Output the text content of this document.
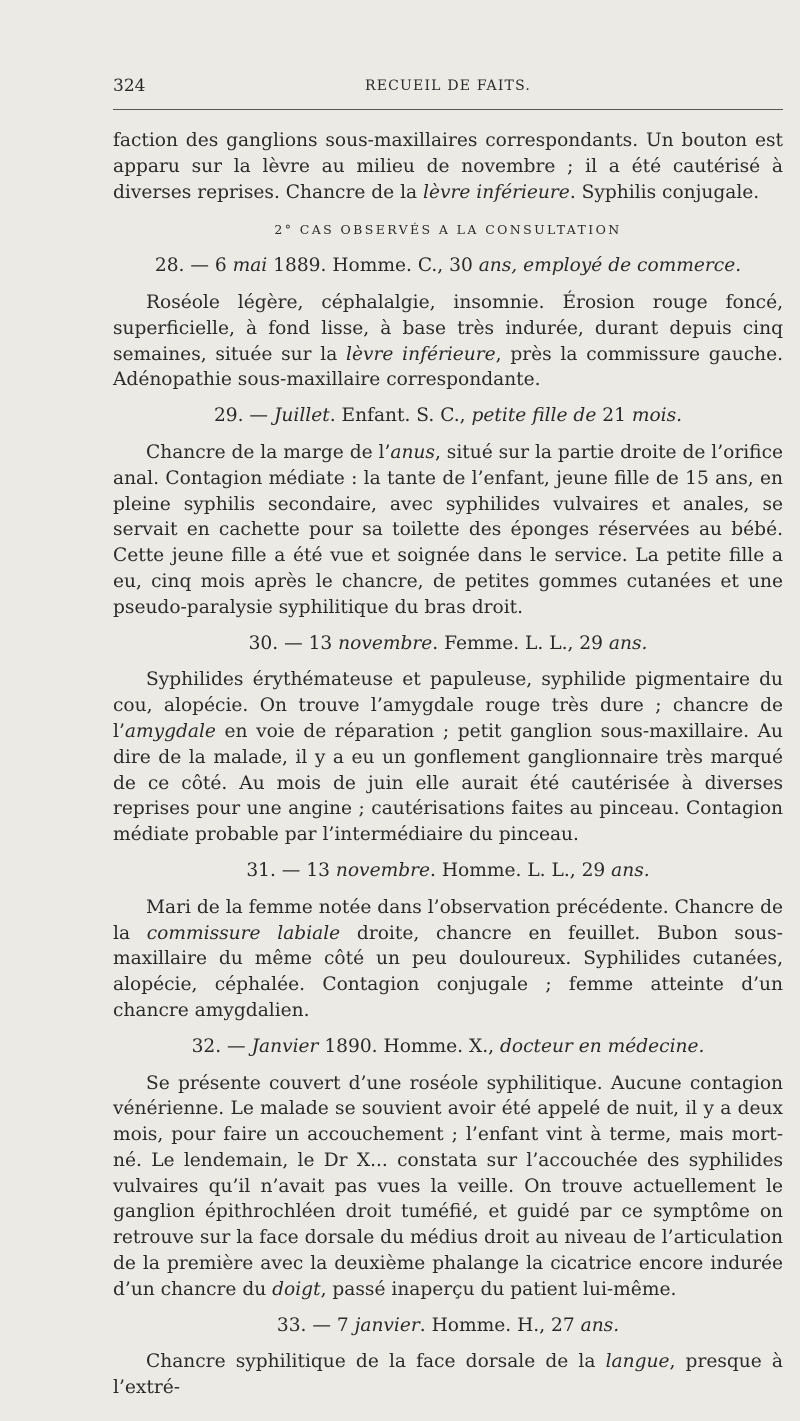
324	RECUEIL DE FAITS.

faction des ganglions sous-maxillaires correspondants. Un bouton est apparu sur la lèvre au milieu de novembre ; il a été cautérisé à diverses reprises. Chancre de la lèvre inférieure. Syphilis conjugale.

2° CAS OBSERVÉS A LA CONSULTATION

28. — 6 mai 1889. Homme. C., 30 ans, employé de commerce.

Roséole légère, céphalalgie, insomnie. Érosion rouge foncé, superficielle, à fond lisse, à base très indurée, durant depuis cinq semaines, située sur la lèvre inférieure, près la commissure gauche. Adénopathie sous-maxillaire correspondante.

29. — Juillet. Enfant. S. C., petite fille de 21 mois.

Chancre de la marge de l’anus, situé sur la partie droite de l’orifice anal. Contagion médiate : la tante de l’enfant, jeune fille de 15 ans, en pleine syphilis secondaire, avec syphilides vulvaires et anales, se servait en cachette pour sa toilette des éponges réservées au bébé. Cette jeune fille a été vue et soignée dans le service. La petite fille a eu, cinq mois après le chancre, de petites gommes cutanées et une pseudo-paralysie syphilitique du bras droit.

30. — 13 novembre. Femme. L. L., 29 ans.

Syphilides érythémateuse et papuleuse, syphilide pigmentaire du cou, alopécie. On trouve l’amygdale rouge très dure ; chancre de l’amygdale en voie de réparation ; petit ganglion sous-maxillaire. Au dire de la malade, il y a eu un gonflement ganglionnaire très marqué de ce côté. Au mois de juin elle aurait été cautérisée à diverses reprises pour une angine ; cautérisations faites au pinceau. Contagion médiate probable par l’intermédiaire du pinceau.

31. — 13 novembre. Homme. L. L., 29 ans.

Mari de la femme notée dans l’observation précédente. Chancre de la commissure labiale droite, chancre en feuillet. Bubon sous-maxillaire du même côté un peu douloureux. Syphilides cutanées, alopécie, céphalée. Contagion conjugale ; femme atteinte d’un chancre amygdalien.

32. — Janvier 1890. Homme. X., docteur en médecine.

Se présente couvert d’une roséole syphilitique. Aucune contagion vénérienne. Le malade se souvient avoir été appelé de nuit, il y a deux mois, pour faire un accouchement ; l’enfant vint à terme, mais mort-né. Le lendemain, le Dr X... constata sur l’accouchée des syphilides vulvaires qu’il n’avait pas vues la veille. On trouve actuellement le ganglion épithrochléen droit tuméfié, et guidé par ce symptôme on retrouve sur la face dorsale du médius droit au niveau de l’articulation de la première avec la deuxième phalange la cicatrice encore indurée d’un chancre du doigt, passé inaperçu du patient lui-même.

33. — 7 janvier. Homme. H., 27 ans.

Chancre syphilitique de la face dorsale de la langue, presque à l’extré-
